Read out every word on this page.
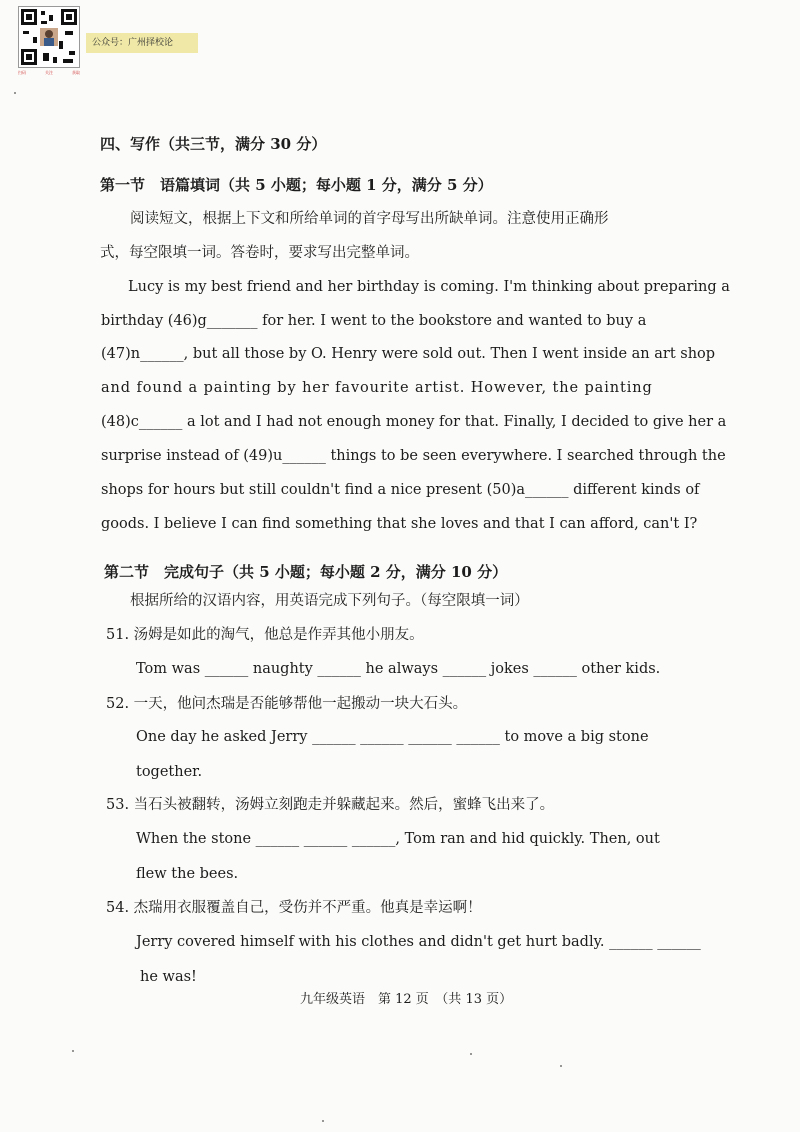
扫码	关注	获取
公众号：广州择校论
四、写作（共三节，满分 30 分）
第一节　语篇填词（共 5 小题；每小题 1 分，满分 5 分）
阅读短文，根据上下文和所给单词的首字母写出所缺单词。注意使用正确形
式，每空限填一词。答卷时，要求写出完整单词。
Lucy is my best friend and her birthday is coming. I'm thinking about preparing a
birthday (46)g_______ for her. I went to the bookstore and wanted to buy a
(47)n______, but all those by O. Henry were sold out. Then I went inside an art shop
and found a painting by her favourite artist. However, the painting
(48)c______ a lot and I had not enough money for that. Finally, I decided to give her a
surprise instead of (49)u______ things to be seen everywhere. I searched through the
shops for hours but still couldn't find a nice present (50)a______ different kinds of
goods. I believe I can find something that she loves and that I can afford, can't I?
第二节　完成句子（共 5 小题；每小题 2 分，满分 10 分）
根据所给的汉语内容，用英语完成下列句子。（每空限填一词）
51. 汤姆是如此的淘气，他总是作弄其他小朋友。
Tom was ______ naughty ______ he always ______ jokes ______ other kids.
52. 一天，他问杰瑞是否能够帮他一起搬动一块大石头。
One day he asked Jerry ______ ______ ______ ______ to move a big stone
together.
53. 当石头被翻转，汤姆立刻跑走并躲藏起来。然后，蜜蜂飞出来了。
When the stone ______ ______ ______, Tom ran and hid quickly. Then, out
flew the bees.
54. 杰瑞用衣服覆盖自己，受伤并不严重。他真是幸运啊！
Jerry covered himself with his clothes and didn't get hurt badly. ______ ______
he was!
九年级英语　第 12 页　（共 13 页）
